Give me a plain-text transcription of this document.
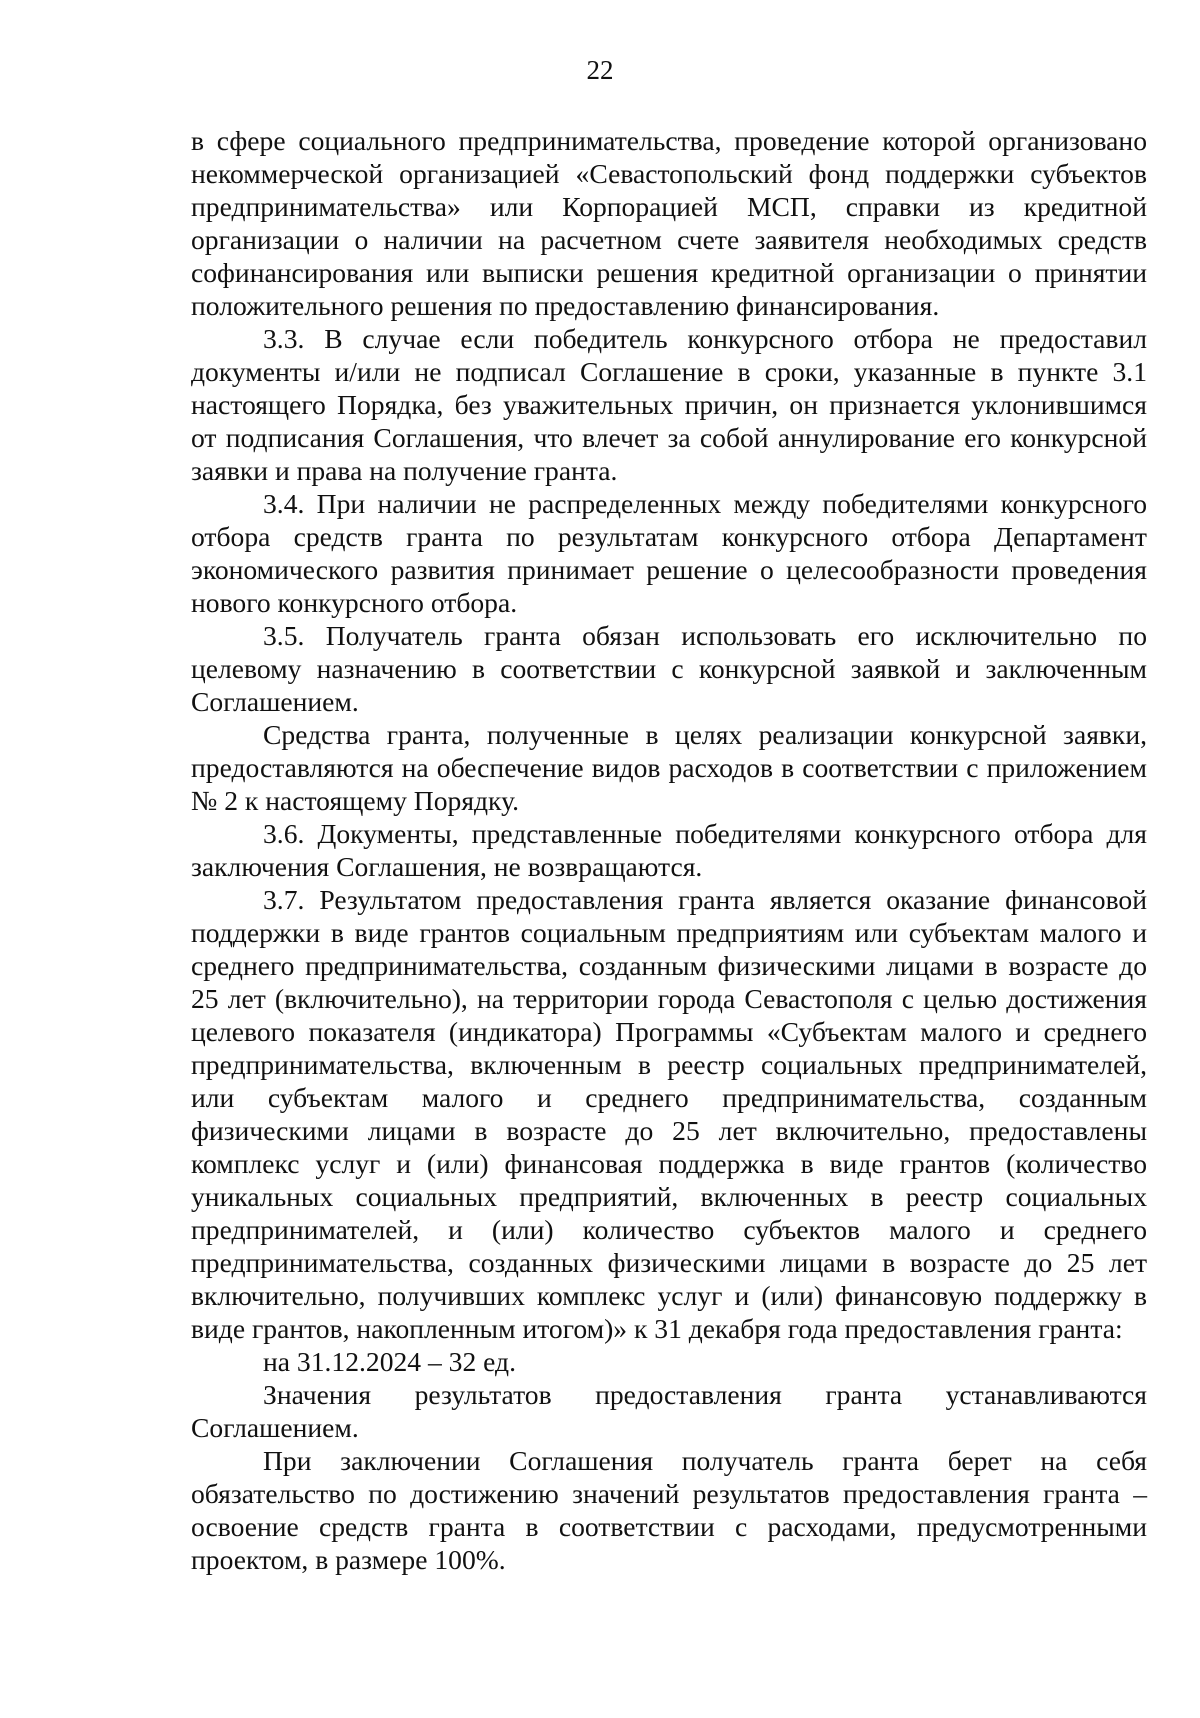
22

в сфере социального предпринимательства, проведение которой организовано некоммерческой организацией «Севастопольский фонд поддержки субъектов предпринимательства» или Корпорацией МСП, справки из кредитной организации о наличии на расчетном счете заявителя необходимых средств софинансирования или выписки решения кредитной организации о принятии положительного решения по предоставлению финансирования.

3.3. В случае если победитель конкурсного отбора не предоставил документы и/или не подписал Соглашение в сроки, указанные в пункте 3.1 настоящего Порядка, без уважительных причин, он признается уклонившимся от подписания Соглашения, что влечет за собой аннулирование его конкурсной заявки и права на получение гранта.

3.4. При наличии не распределенных между победителями конкурсного отбора средств гранта по результатам конкурсного отбора Департамент экономического развития принимает решение о целесообразности проведения нового конкурсного отбора.

3.5. Получатель гранта обязан использовать его исключительно по целевому назначению в соответствии с конкурсной заявкой и заключенным Соглашением.

Средства гранта, полученные в целях реализации конкурсной заявки, предоставляются на обеспечение видов расходов в соответствии с приложением № 2 к настоящему Порядку.

3.6. Документы, представленные победителями конкурсного отбора для заключения Соглашения, не возвращаются.

3.7. Результатом предоставления гранта является оказание финансовой поддержки в виде грантов социальным предприятиям или субъектам малого и среднего предпринимательства, созданным физическими лицами в возрасте до 25 лет (включительно), на территории города Севастополя с целью достижения целевого показателя (индикатора) Программы «Субъектам малого и среднего предпринимательства, включенным в реестр социальных предпринимателей, или субъектам малого и среднего предпринимательства, созданным физическими лицами в возрасте до 25 лет включительно, предоставлены комплекс услуг и (или) финансовая поддержка в виде грантов (количество уникальных социальных предприятий, включенных в реестр социальных предпринимателей, и (или) количество субъектов малого и среднего предпринимательства, созданных физическими лицами в возрасте до 25 лет включительно, получивших комплекс услуг и (или) финансовую поддержку в виде грантов, накопленным итогом)» к 31 декабря года предоставления гранта:

на 31.12.2024 – 32 ед.

Значения результатов предоставления гранта устанавливаются Соглашением.

При заключении Соглашения получатель гранта берет на себя обязательство по достижению значений результатов предоставления гранта – освоение средств гранта в соответствии с расходами, предусмотренными проектом, в размере 100%.
